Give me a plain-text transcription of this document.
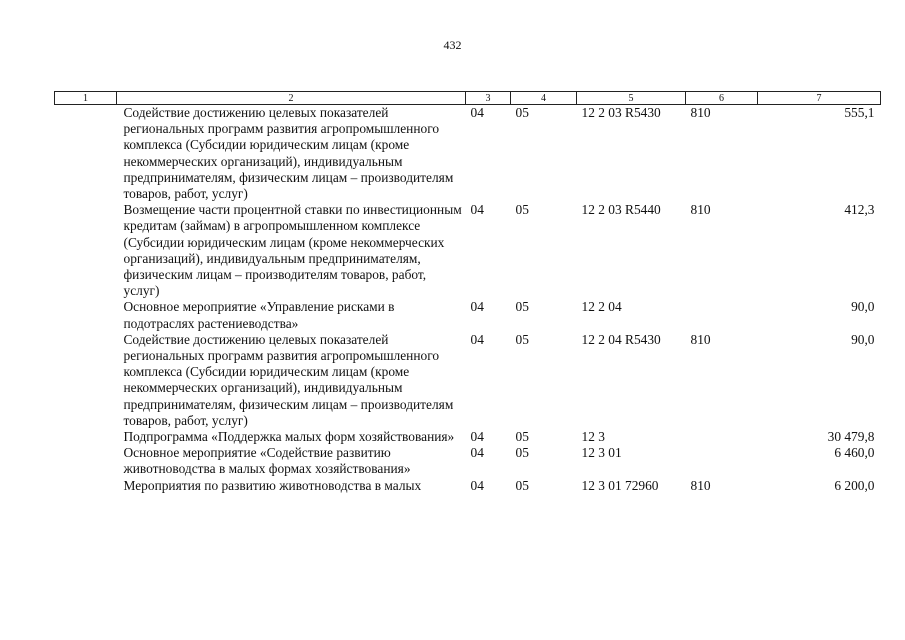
432
1	2	3	4	5	6	7
	Содействие достижению целевых показателей региональных программ развития агропромышленного комплекса (Субсидии юридическим лицам (кроме некоммерческих организаций), индивидуальным предпринимателям, физическим лицам – производителям товаров, работ, услуг)	04	05	12 2 03 R5430	810	555,1
	Возмещение части процентной ставки по инвестиционным кредитам (займам) в агропромышленном комплексе (Субсидии юридическим лицам (кроме некоммерческих организаций), индивидуальным предпринимателям, физическим лицам – производителям товаров, работ, услуг)	04	05	12 2 03 R5440	810	412,3
	Основное мероприятие «Управление рисками в подотраслях растениеводства»	04	05	12 2 04		90,0
	Содействие достижению целевых показателей региональных программ развития агропромышленного комплекса (Субсидии юридическим лицам (кроме некоммерческих организаций), индивидуальным предпринимателям, физическим лицам – производителям товаров, работ, услуг)	04	05	12 2 04 R5430	810	90,0
	Подпрограмма «Поддержка малых форм хозяйствования»	04	05	12 3		30 479,8
	Основное мероприятие «Содействие развитию животноводства в малых формах хозяйствования»	04	05	12 3 01		6 460,0
	Мероприятия по развитию животноводства в малых	04	05	12 3 01 72960	810	6 200,0
